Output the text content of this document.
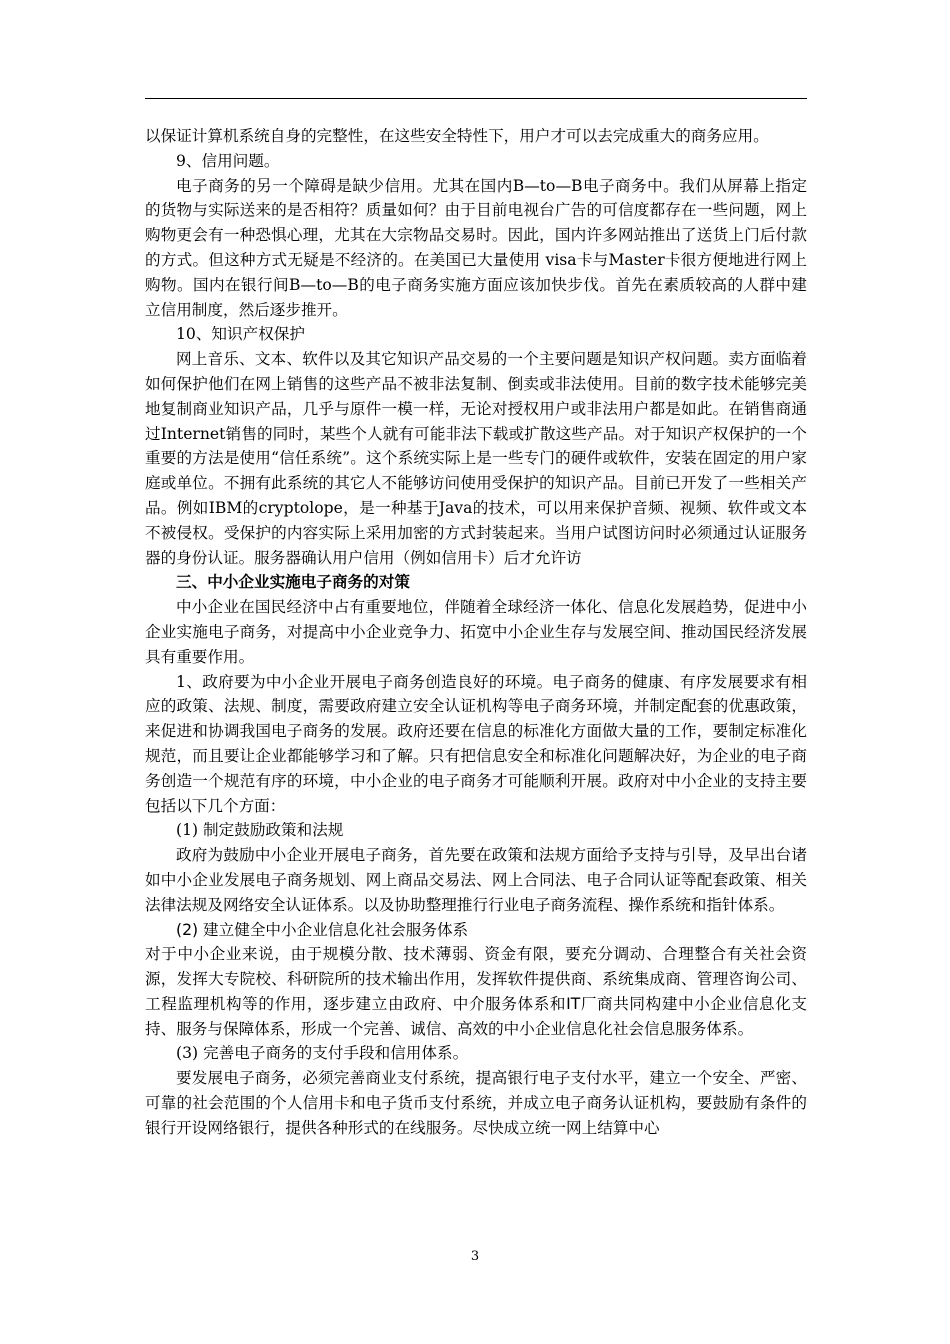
以保证计算机系统自身的完整性，在这些安全特性下，用户才可以去完成重大的商务应用。

9、信用问题。

电子商务的另一个障碍是缺少信用。尤其在国内B—to—B电子商务中。我们从屏幕上指定的货物与实际送来的是否相符？质量如何？由于目前电视台广告的可信度都存在一些问题，网上购物更会有一种恐惧心理，尤其在大宗物品交易时。因此，国内许多网站推出了送货上门后付款的方式。但这种方式无疑是不经济的。在美国已大量使用 visa卡与Master卡很方便地进行网上购物。国内在银行间B—to—B的电子商务实施方面应该加快步伐。首先在素质较高的人群中建立信用制度，然后逐步推开。

10、知识产权保护

网上音乐、文本、软件以及其它知识产品交易的一个主要问题是知识产权问题。卖方面临着如何保护他们在网上销售的这些产品不被非法复制、倒卖或非法使用。目前的数字技术能够完美地复制商业知识产品，几乎与原件一模一样，无论对授权用户或非法用户都是如此。在销售商通过Internet销售的同时，某些个人就有可能非法下载或扩散这些产品。对于知识产权保护的一个重要的方法是使用“信任系统”。这个系统实际上是一些专门的硬件或软件，安装在固定的用户家庭或单位。不拥有此系统的其它人不能够访问使用受保护的知识产品。目前已开发了一些相关产品。例如IBM的cryptolope，是一种基于Java的技术，可以用来保护音频、视频、软件或文本不被侵权。受保护的内容实际上采用加密的方式封装起来。当用户试图访问时必须通过认证服务器的身份认证。服务器确认用户信用（例如信用卡）后才允许访

三、中小企业实施电子商务的对策

中小企业在国民经济中占有重要地位，伴随着全球经济一体化、信息化发展趋势，促进中小企业实施电子商务，对提高中小企业竞争力、拓宽中小企业生存与发展空间、推动国民经济发展具有重要作用。

1、政府要为中小企业开展电子商务创造良好的环境。电子商务的健康、有序发展要求有相应的政策、法规、制度，需要政府建立安全认证机构等电子商务环境，并制定配套的优惠政策，来促进和协调我国电子商务的发展。政府还要在信息的标准化方面做大量的工作，要制定标准化规范，而且要让企业都能够学习和了解。只有把信息安全和标准化问题解决好，为企业的电子商务创造一个规范有序的环境，中小企业的电子商务才可能顺利开展。政府对中小企业的支持主要包括以下几个方面：

(1) 制定鼓励政策和法规

政府为鼓励中小企业开展电子商务，首先要在政策和法规方面给予支持与引导，及早出台诸如中小企业发展电子商务规划、网上商品交易法、网上合同法、电子合同认证等配套政策、相关法律法规及网络安全认证体系。以及协助整理推行行业电子商务流程、操作系统和指针体系。

(2) 建立健全中小企业信息化社会服务体系

对于中小企业来说，由于规模分散、技术薄弱、资金有限，要充分调动、合理整合有关社会资源，发挥大专院校、科研院所的技术输出作用，发挥软件提供商、系统集成商、管理咨询公司、工程监理机构等的作用，逐步建立由政府、中介服务体系和IT厂商共同构建中小企业信息化支持、服务与保障体系，形成一个完善、诚信、高效的中小企业信息化社会信息服务体系。

(3) 完善电子商务的支付手段和信用体系。

要发展电子商务，必须完善商业支付系统，提高银行电子支付水平，建立一个安全、严密、可靠的社会范围的个人信用卡和电子货币支付系统，并成立电子商务认证机构，要鼓励有条件的银行开设网络银行，提供各种形式的在线服务。尽快成立统一网上结算中心

3
